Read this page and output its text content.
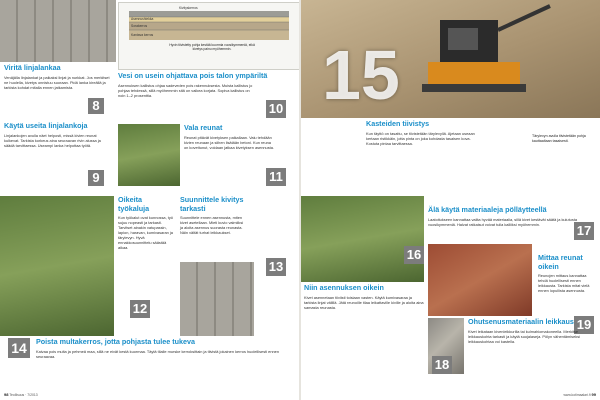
Kivityskerros
Asennushiekka
Sorakerros
Kantava kerros
Hyvin tiivistetty pohja kestää kuormia vuosikymmeniä, eikä kivetys painu myöhemmin.
Viritä linjalankaa
Venäjälla linjalankat ja paikaksi linjat ja nurkkat. Jos merkitset ne huolella, kivetys onnistuu suoraan. Pidä lanka kireällä ja tarkista kohdat mitalla ennen jatkamista.
8
Käytä useita linjalankoja
Linjalankojen avulla näet helposti, missä kivien reunat kulkevat. Tarkista korkeus aina seuraavan rivin alussa ja säädä tarvittaessa. Useampi lanka helpottaa työtä.
9
Vesi on usein ohjattava pois talon ympäriltä
Asennuksen kallistus ohjaa sadeveden pois rakennuksesta. Muista kallistus jo pohjaa tehdessä, sillä myöhemmin sitä on vaikea korjata. Sopiva kallistus on noin 1–2 prosenttia.
10
Vala reunat
Reunat pitävät kivetyksen paikallaan. Valu tehdään kivien reunaan ja siihen lisätään betoni. Kun reuna on kovettunut, voidaan jatkaa kivetyksen asennusta.
11
Oikeita työkaluja
Kun työkalut ovat kunnossa, työ sujuu nopeasti ja tarkasti. Tarvitset ainakin vatupassin, lapion, haravan, kumivasaran ja tärylevyn. Hyvä ennakkosuunnittelu säästää aikaa.
12
Suunnittele kivitys tarkasti
Suunnittele ennen asennusta, miten kivet asetellaan. Mieti kuvio valmiiksi ja aloita asennus suorasta reunasta. Näin vältät turhat leikkaukset.
13
14	Poista multakerros, jotta pohjasta tulee tukeva
Kaivaa pois multa ja pehmeä maa, sillä ne eivät kestä kuormaa. Täytä tilalle murske kerroksittain ja tiivistä jokainen kerros huolellisesti ennen seuraavaa.
98 Teollisuus · 7/2013
15
Kasteiden tiivistys
Kun täyttö on tasattu, se tiivistetään tärylevyllä. Ajetaan useaan kertaan ristikkäin, jotta pinta on joka kohdasta tasaisen kova. Kostuta pintaa tarvittaessa.
Tärylevyn avulla tiivistetään pohja kauttaaltaan tasaisesti.
16
Niin asennuksen oikein
Kivet asennetaan tiiviisti toisiaan vasten. Käytä kumivasaraa ja tarkista linjat välillä. Jätä reunoille tilaa leikattaville kiville ja aloita aina samasta reunasta.
Älä käytä materiaaleja pölläytteellä
Laatoitukseen kannattaa valita hyvää materiaalia, sillä kivet kestävät säätä ja kulutusta vuosikymmeniä. Halvat ratkaisut voivat tulla kalliiksi myöhemmin.	17
Mittaa reunat oikein
Reunojen mittaus kannattaa tehdä huolellisesti ennen leikkausta. Tarkista mitat vielä ennen lopullista asennusta.
19
18
Ohutsenusmateriaalin leikkaus
Kivet leikataan kivenleikkurilla tai kulmahiomakoneella. Merkitse leikkauskohta tarkasti ja käytä suojalaseja. Pölyn vähentämiseksi leikkauskohtaa voi kastella.
www.kotimaalari.fi 99
